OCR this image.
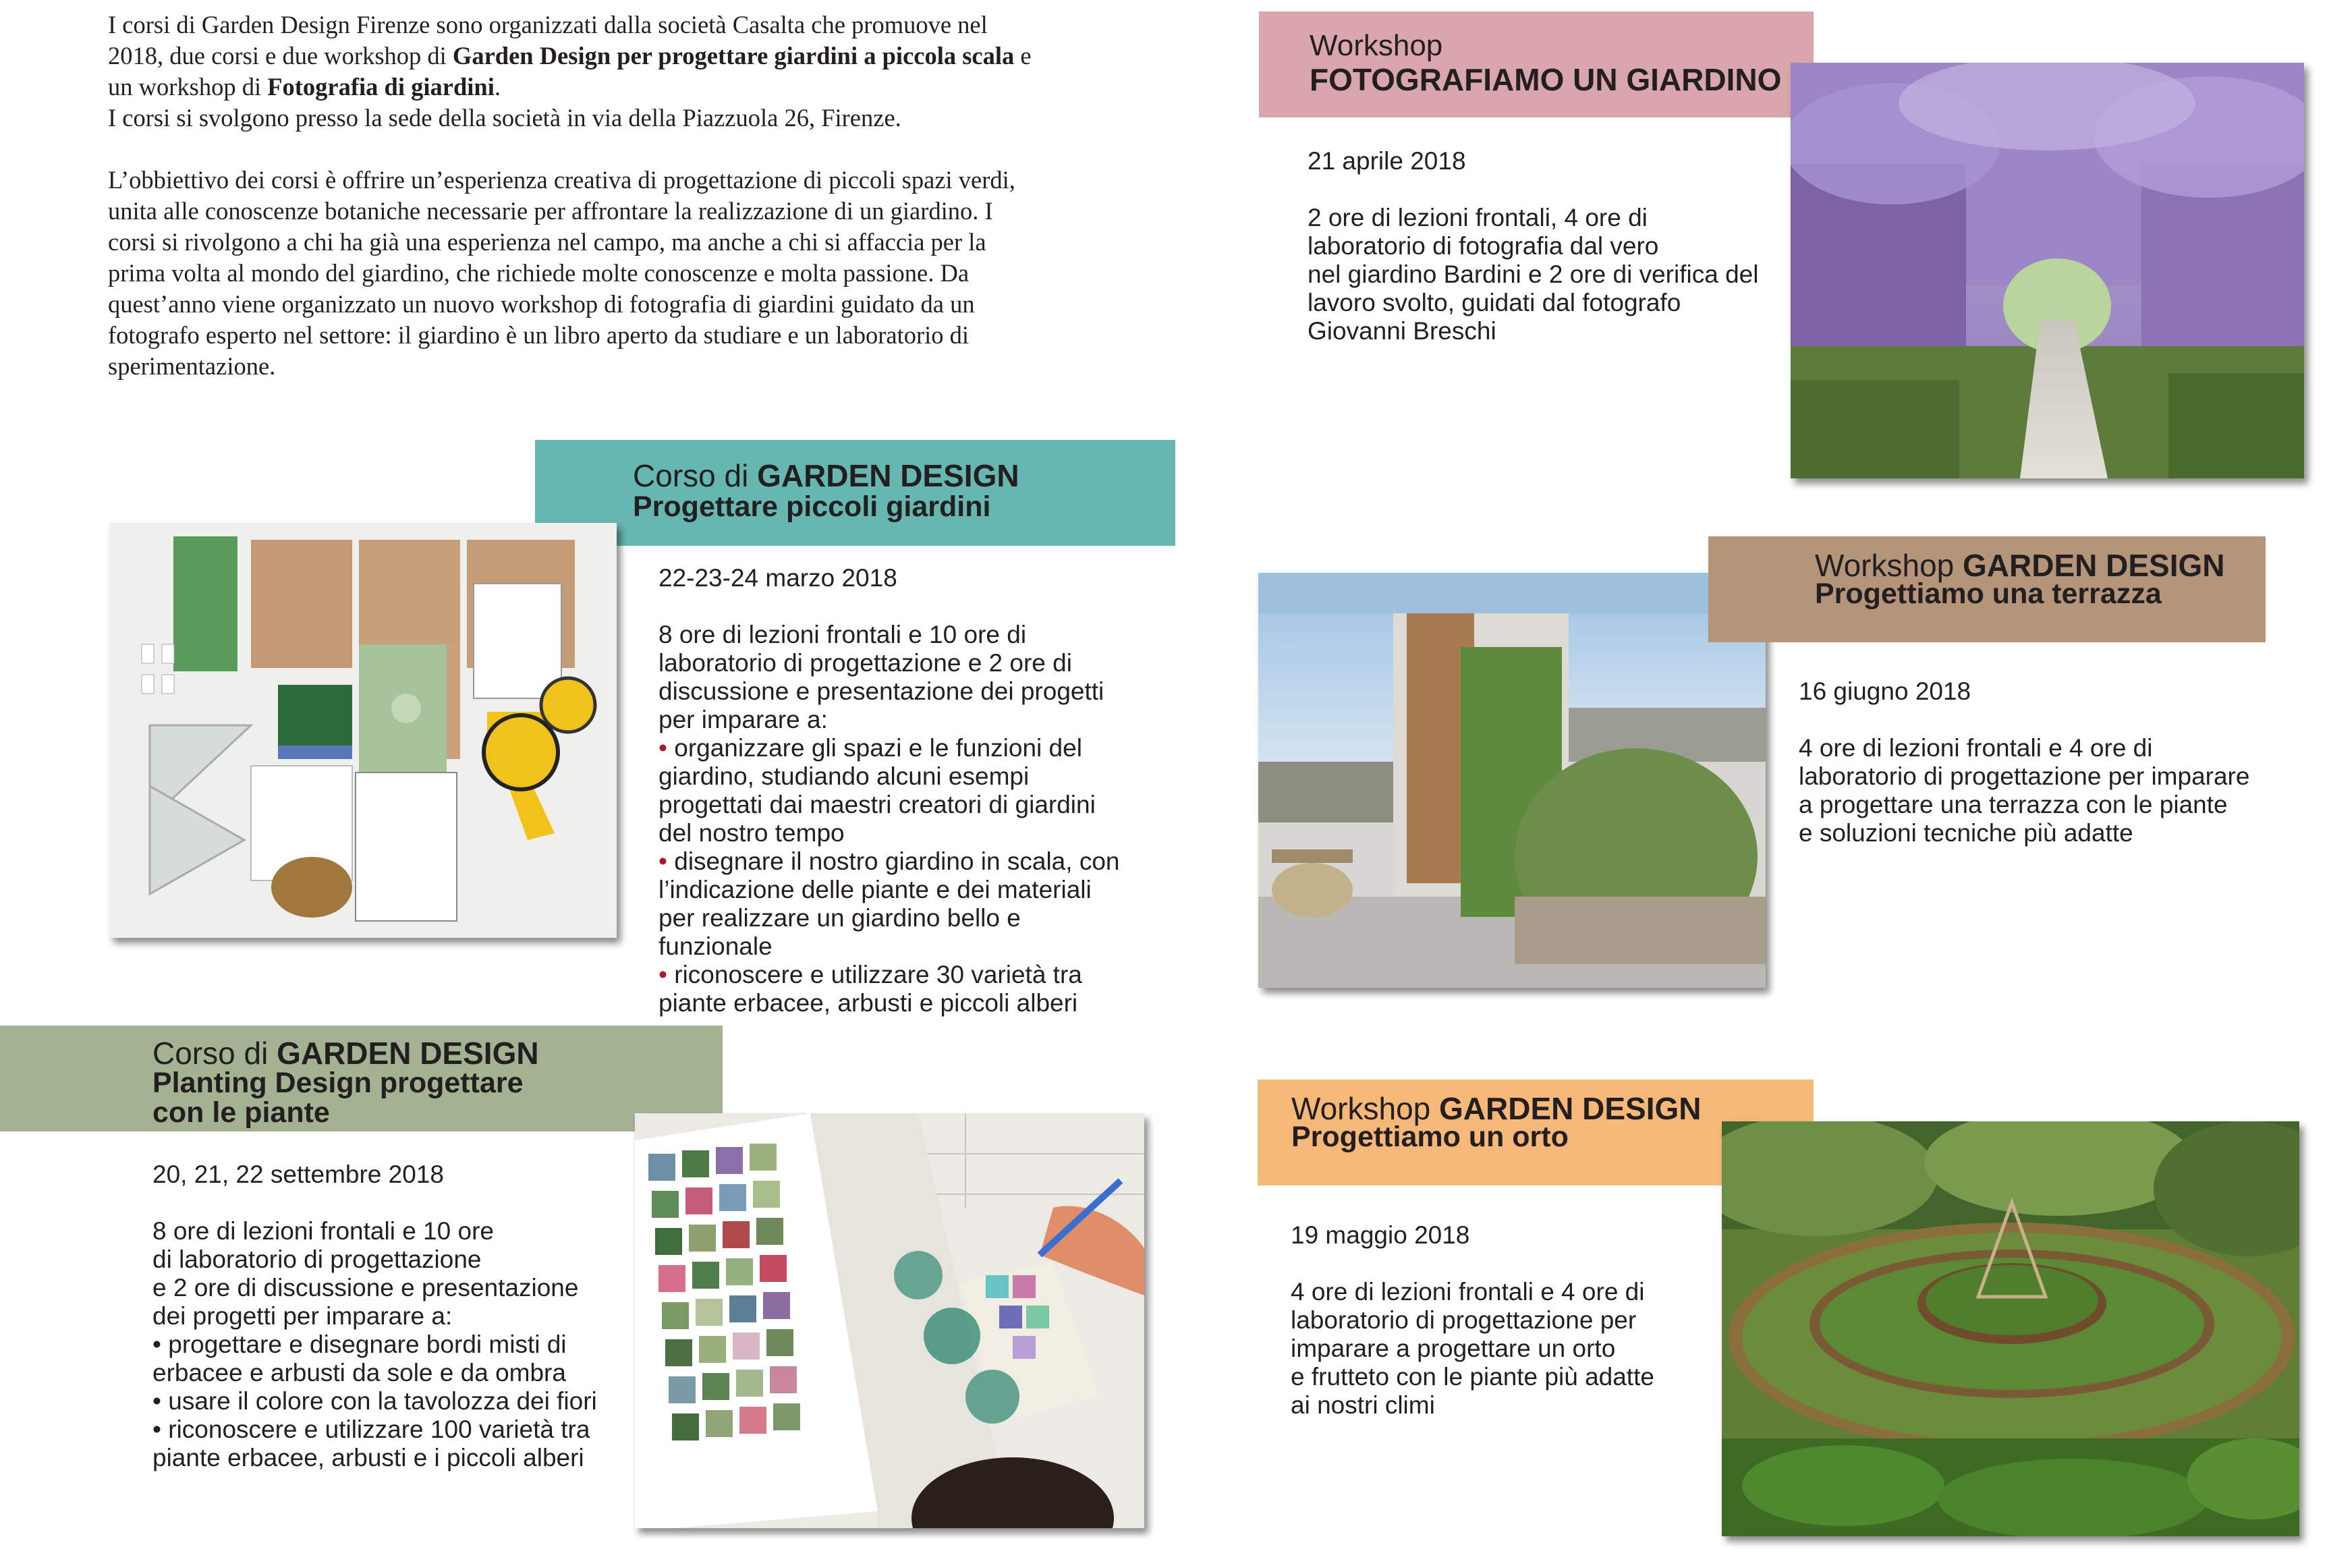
I corsi di Garden Design Firenze sono organizzati dalla società Casalta che promuove nel 2018, due corsi e due workshop di Garden Design per progettare giardini a piccola scala e un workshop di Fotografia di giardini.
I corsi si svolgono presso la sede della società in via della Piazzuola 26, Firenze.

L’obbiettivo dei corsi è offrire un’esperienza creativa di progettazione di piccoli spazi verdi, unita alle conoscenze botaniche necessarie per affrontare la realizzazione di un giardino. I corsi si rivolgono a chi ha già una esperienza nel campo, ma anche a chi si affaccia per la prima volta al mondo del giardino, che richiede molte conoscenze e molta passione. Da quest’anno viene organizzato un nuovo workshop di fotografia di giardini guidato da un fotografo esperto nel settore: il giardino è un libro aperto da studiare e un laboratorio di sperimentazione.

Workshop
FOTOGRAFIAMO UN GIARDINO

21 aprile 2018

2 ore di lezioni frontali, 4 ore di

laboratorio di fotografia dal vero

nel giardino Bardini e 2 ore di verifica del

lavoro svolto, guidati dal fotografo

Giovanni Breschi

Corso di GARDEN DESIGN
Progettare piccoli giardini

22-23-24 marzo 2018

8 ore di lezioni frontali e 10 ore di

laboratorio di progettazione e 2 ore di

discussione e presentazione dei progetti

per imparare a:

• organizzare gli spazi e le funzioni del
giardino, studiando alcuni esempi
progettati dai maestri creatori di giardini
del nostro tempo
• disegnare il nostro giardino in scala, con
l’indicazione delle piante e dei materiali
per realizzare un giardino bello e
funzionale
• riconoscere e utilizzare 30 varietà tra
piante erbacee, arbusti e piccoli alberi
Workshop GARDEN DESIGN
Progettiamo una terrazza

16 giugno 2018

4 ore di lezioni frontali e 4 ore di

laboratorio di progettazione per imparare

a progettare una terrazza con le piante

e soluzioni tecniche più adatte

Corso di GARDEN DESIGN
Planting Design progettare
con le piante

20, 21, 22 settembre 2018

8 ore di lezioni frontali e 10 ore

di laboratorio di progettazione

e 2 ore di discussione e presentazione

dei progetti per imparare a:

• progettare e disegnare bordi misti di
erbacee e arbusti da sole e da ombra
• usare il colore con la tavolozza dei fiori
• riconoscere e utilizzare 100 varietà tra
piante erbacee, arbusti e i piccoli alberi
Workshop GARDEN DESIGN
Progettiamo un orto

19 maggio 2018

4 ore di lezioni frontali e 4 ore di

laboratorio di progettazione per

imparare a progettare un orto

e frutteto con le piante più adatte

ai nostri climi
